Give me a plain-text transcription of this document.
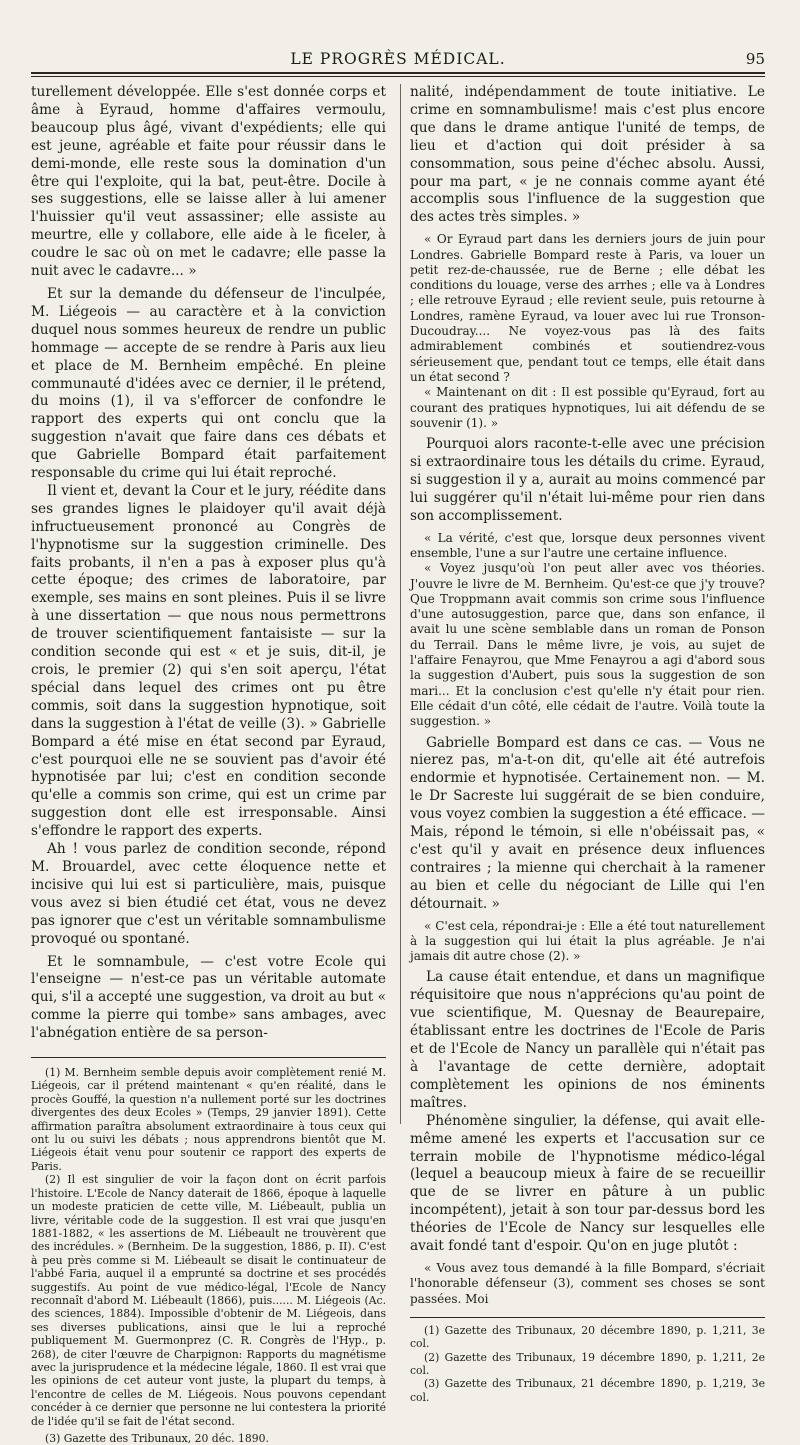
LE PROGRÈS MÉDICAL.	95

turellement développée. Elle s'est donnée corps et âme à Eyraud, homme d'affaires vermoulu, beaucoup plus âgé, vivant d'expédients; elle qui est jeune, agréable et faite pour réussir dans le demi-monde, elle reste sous la domination d'un être qui l'exploite, qui la bat, peut-être. Docile à ses suggestions, elle se laisse aller à lui amener l'huissier qu'il veut assassiner; elle assiste au meurtre, elle y collabore, elle aide à le ficeler, à coudre le sac où on met le cadavre; elle passe la nuit avec le cadavre... »

Et sur la demande du défenseur de l'inculpée, M. Liégeois — au caractère et à la conviction duquel nous sommes heureux de rendre un public hommage — accepte de se rendre à Paris aux lieu et place de M. Bernheim empêché. En pleine communauté d'idées avec ce dernier, il le prétend, du moins (1), il va s'efforcer de confondre le rapport des experts qui ont conclu que la suggestion n'avait que faire dans ces débats et que Gabrielle Bompard était parfaitement responsable du crime qui lui était reproché.

Il vient et, devant la Cour et le jury, réédite dans ses grandes lignes le plaidoyer qu'il avait déjà infructueusement prononcé au Congrès de l'hypnotisme sur la suggestion criminelle. Des faits probants, il n'en a pas à exposer plus qu'à cette époque; des crimes de laboratoire, par exemple, ses mains en sont pleines. Puis il se livre à une dissertation — que nous nous permettrons de trouver scientifiquement fantaisiste — sur la condition seconde qui est « et je suis, dit-il, je crois, le premier (2) qui s'en soit aperçu, l'état spécial dans lequel des crimes ont pu être commis, soit dans la suggestion hypnotique, soit dans la suggestion à l'état de veille (3). » Gabrielle Bompard a été mise en état second par Eyraud, c'est pourquoi elle ne se souvient pas d'avoir été hypnotisée par lui; c'est en condition seconde qu'elle a commis son crime, qui est un crime par suggestion dont elle est irresponsable. Ainsi s'effondre le rapport des experts.

Ah ! vous parlez de condition seconde, répond M. Brouardel, avec cette éloquence nette et incisive qui lui est si particulière, mais, puisque vous avez si bien étudié cet état, vous ne devez pas ignorer que c'est un véritable somnambulisme provoqué ou spontané.

Et le somnambule, — c'est votre Ecole qui l'enseigne — n'est-ce pas un véritable automate qui, s'il a accepté une suggestion, va droit au but « comme la pierre qui tombe» sans ambages, avec l'abnégation entière de sa person-

(1) M. Bernheim semble depuis avoir complètement renié M. Liégeois, car il prétend maintenant « qu'en réalité, dans le procès Gouffé, la question n'a nullement porté sur les doctrines divergentes des deux Ecoles » (Temps, 29 janvier 1891). Cette affirmation paraîtra absolument extraordinaire à tous ceux qui ont lu ou suivi les débats ; nous apprendrons bientôt que M. Liégeois était venu pour soutenir ce rapport des experts de Paris.

(2) Il est singulier de voir la façon dont on écrit parfois l'histoire. L'Ecole de Nancy daterait de 1866, époque à laquelle un modeste praticien de cette ville, M. Liébeault, publia un livre, véritable code de la suggestion. Il est vrai que jusqu'en 1881-1882, « les assertions de M. Liébeault ne trouvèrent que des incrédules. » (Bernheim. De la suggestion, 1886, p. II). C'est à peu près comme si M. Liébeault se disait le continuateur de l'abbé Faria, auquel il a emprunté sa doctrine et ses procédés suggestifs. Au point de vue médico-légal, l'Ecole de Nancy reconnaît d'abord M. Liébeault (1866), puis...... M. Liégeois (Ac. des sciences, 1884). Impossible d'obtenir de M. Liégeois, dans ses diverses publications, ainsi que le lui a reproché publiquement M. Guermonprez (C. R. Congrès de l'Hyp., p. 268), de citer l'œuvre de Charpignon: Rapports du magnétisme avec la jurisprudence et la médecine légale, 1860. Il est vrai que les opinions de cet auteur vont juste, la plupart du temps, à l'encontre de celles de M. Liégeois. Nous pouvons cependant concéder à ce dernier que personne ne lui contestera la priorité de l'idée qu'il se fait de l'état second.

(3) Gazette des Tribunaux, 20 déc. 1890.

nalité, indépendamment de toute initiative. Le crime en somnambulisme! mais c'est plus encore que dans le drame antique l'unité de temps, de lieu et d'action qui doit présider à sa consommation, sous peine d'échec absolu. Aussi, pour ma part, « je ne connais comme ayant été accomplis sous l'influence de la suggestion que des actes très simples. »

« Or Eyraud part dans les derniers jours de juin pour Londres. Gabrielle Bompard reste à Paris, va louer un petit rez-de-chaussée, rue de Berne ; elle débat les conditions du louage, verse des arrhes ; elle va à Londres ; elle retrouve Eyraud ; elle revient seule, puis retourne à Londres, ramène Eyraud, va louer avec lui rue Tronson-Ducoudray.... Ne voyez-vous pas là des faits admirablement combinés et soutiendrez-vous sérieusement que, pendant tout ce temps, elle était dans un état second ?

« Maintenant on dit : Il est possible qu'Eyraud, fort au courant des pratiques hypnotiques, lui ait défendu de se souvenir (1). »

Pourquoi alors raconte-t-elle avec une précision si extraordinaire tous les détails du crime. Eyraud, si suggestion il y a, aurait au moins commencé par lui suggérer qu'il n'était lui-même pour rien dans son accomplissement.

« La vérité, c'est que, lorsque deux personnes vivent ensemble, l'une a sur l'autre une certaine influence.

« Voyez jusqu'où l'on peut aller avec vos théories. J'ouvre le livre de M. Bernheim. Qu'est-ce que j'y trouve? Que Troppmann avait commis son crime sous l'influence d'une autosuggestion, parce que, dans son enfance, il avait lu une scène semblable dans un roman de Ponson du Terrail. Dans le même livre, je vois, au sujet de l'affaire Fenayrou, que Mme Fenayrou a agi d'abord sous la suggestion d'Aubert, puis sous la suggestion de son mari... Et la conclusion c'est qu'elle n'y était pour rien. Elle cédait d'un côté, elle cédait de l'autre. Voilà toute la suggestion. »

Gabrielle Bompard est dans ce cas. — Vous ne nierez pas, m'a-t-on dit, qu'elle ait été autrefois endormie et hypnotisée. Certainement non. — M. le Dr Sacreste lui suggérait de se bien conduire, vous voyez combien la suggestion a été efficace. — Mais, répond le témoin, si elle n'obéissait pas, « c'est qu'il y avait en présence deux influences contraires ; la mienne qui cherchait à la ramener au bien et celle du négociant de Lille qui l'en détournait. »

« C'est cela, répondrai-je : Elle a été tout naturellement à la suggestion qui lui était la plus agréable. Je n'ai jamais dit autre chose (2). »

La cause était entendue, et dans un magnifique réquisitoire que nous n'apprécions qu'au point de vue scientifique, M. Quesnay de Beaurepaire, établissant entre les doctrines de l'Ecole de Paris et de l'Ecole de Nancy un parallèle qui n'était pas à l'avantage de cette dernière, adoptait complètement les opinions de nos éminents maîtres.

Phénomène singulier, la défense, qui avait elle-même amené les experts et l'accusation sur ce terrain mobile de l'hypnotisme médico-légal (lequel a beaucoup mieux à faire de se recueillir que de se livrer en pâture à un public incompétent), jetait à son tour par-dessus bord les théories de l'Ecole de Nancy sur lesquelles elle avait fondé tant d'espoir. Qu'on en juge plutôt :

« Vous avez tous demandé à la fille Bompard, s'écriait l'honorable défenseur (3), comment ses choses se sont passées. Moi

(1) Gazette des Tribunaux, 20 décembre 1890, p. 1,211, 3e col.

(2) Gazette des Tribunaux, 19 décembre 1890, p. 1,211, 2e col.

(3) Gazette des Tribunaux, 21 décembre 1890, p. 1,219, 3e col.
